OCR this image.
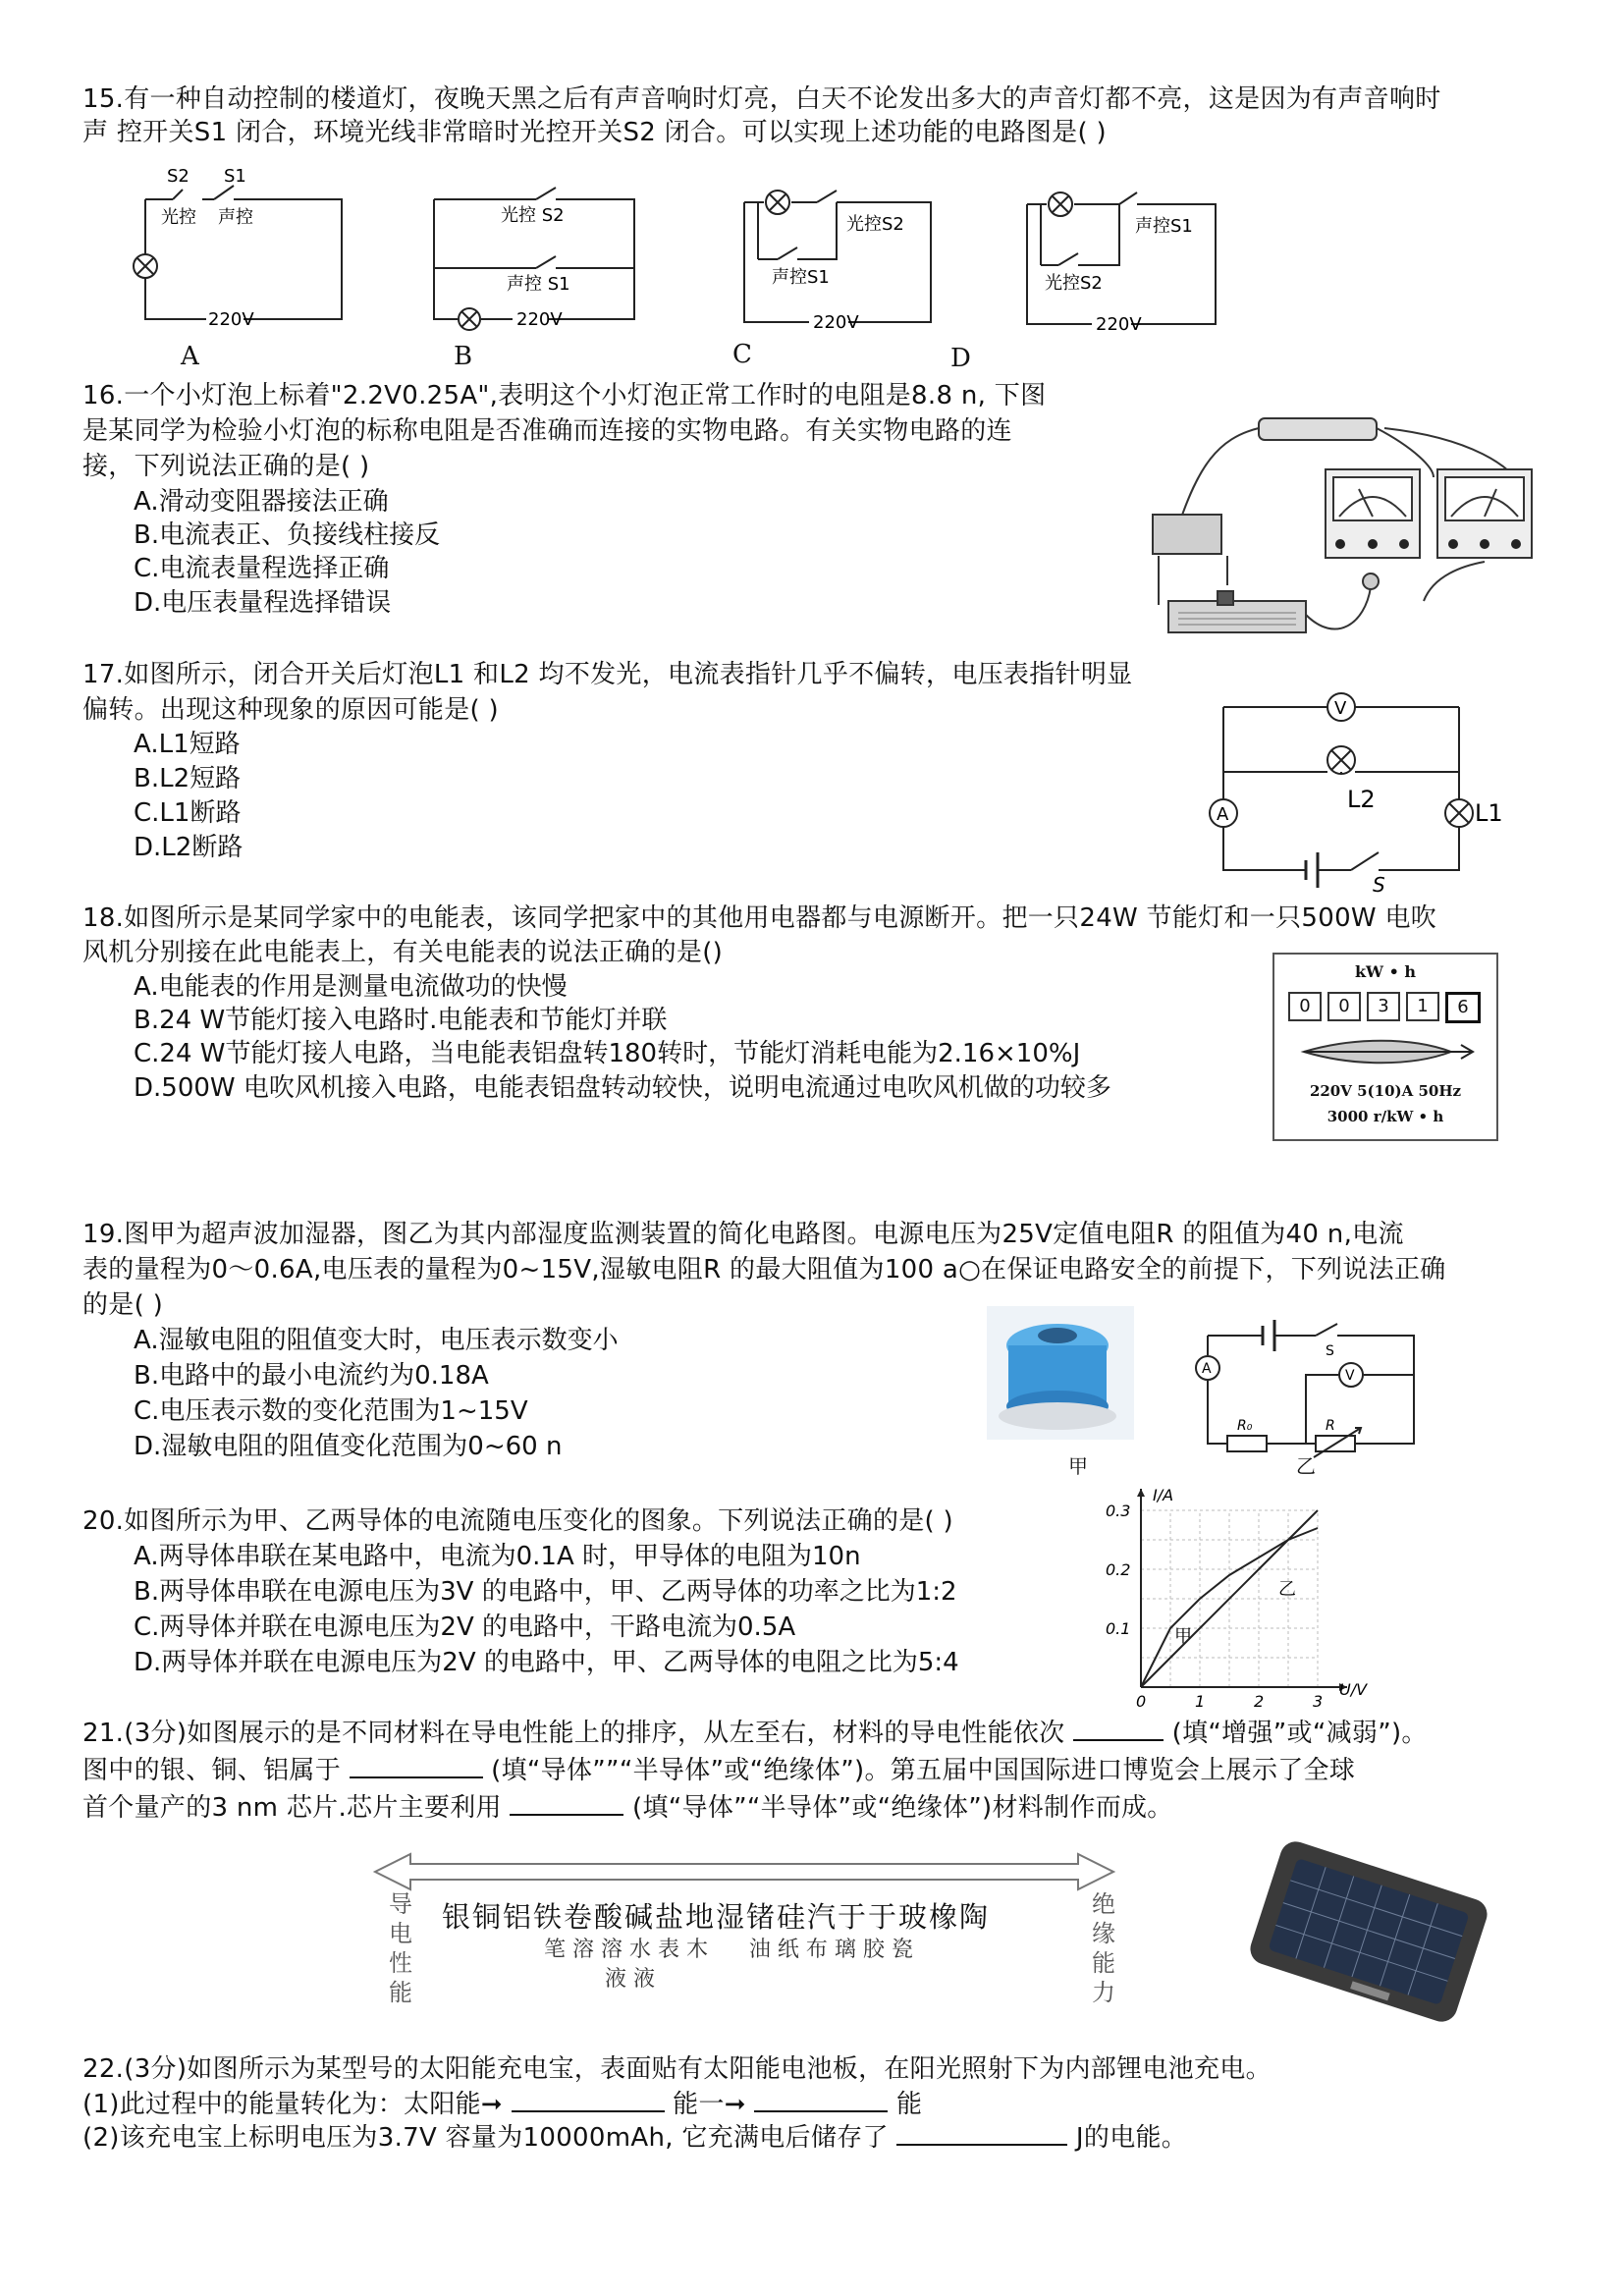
15.有一种自动控制的楼道灯，夜晚天黑之后有声音响时灯亮，白天不论发出多大的声音灯都不亮，这是因为有声音响时
声 控开关S1 闭合，环境光线非常暗时光控开关S2 闭合。可以实现上述功能的电路图是( )
S2 S1
光控 声控
220V
A
光控 S2
声控 S1
220V
B
光控S2
声控S1
220V
C
声控S1
光控S2
220V
D
16.一个小灯泡上标着"2.2V0.25A",表明这个小灯泡正常工作时的电阻是8.8 n, 下图
是某同学为检验小灯泡的标称电阻是否准确而连接的实物电路。有关实物电路的连
接，下列说法正确的是( )
A.滑动变阻器接法正确
B.电流表正、负接线柱接反
C.电流表量程选择正确
D.电压表量程选择错误
17.如图所示，闭合开关后灯泡L1 和L2 均不发光，电流表指针几乎不偏转，电压表指针明显
偏转。出现这种现象的原因可能是( )
A.L1短路
B.L2短路
C.L1断路
D.L2断路
V
A
L2	L1
S
18.如图所示是某同学家中的电能表，该同学把家中的其他用电器都与电源断开。把一只24W 节能灯和一只500W 电吹
风机分别接在此电能表上，有关电能表的说法正确的是()
A.电能表的作用是测量电流做功的快慢
B.24 W节能灯接入电路时.电能表和节能灯并联
C.24 W节能灯接人电路，当电能表铝盘转180转时，节能灯消耗电能为2.16×10%J
D.500W 电吹风机接入电路，电能表铝盘转动较快，说明电流通过电吹风机做的功较多
kW • h
0	0	3	1	6
220V 5(10)A 50Hz
3000 r/kW • h
19.图甲为超声波加湿器，图乙为其内部湿度监测装置的简化电路图。电源电压为25V定值电阻R 的阻值为40 n,电流
表的量程为0～0.6A,电压表的量程为0~15V,湿敏电阻R 的最大阻值为100 a○在保证电路安全的前提下，下列说法正确
的是( )
A.湿敏电阻的阻值变大时，电压表示数变小
B.电路中的最小电流约为0.18A
C.电压表示数的变化范围为1~15V
D.湿敏电阻的阻值变化范围为0~60 n
甲
S
A	V
R₀	R
乙
20.如图所示为甲、乙两导体的电流随电压变化的图象。下列说法正确的是( )
A.两导体串联在某电路中，电流为0.1A 时，甲导体的电阻为10n
B.两导体串联在电源电压为3V 的电路中，甲、乙两导体的功率之比为1:2
C.两导体并联在电源电压为2V 的电路中，干路电流为0.5A
D.两导体并联在电源电压为2V 的电路中，甲、乙两导体的电阻之比为5:4
0	1	2	3
0.1
0.2
0.3
U/V
I/A
甲
乙
21.(3分)如图展示的是不同材料在导电性能上的排序，从左至右，材料的导电性能依次	(填“增强”或“减弱”)。
图中的银、铜、铝属于	(填“导体””“半导体”或“绝缘体”)。第五届中国国际进口博览会上展示了全球
首个量产的3 nm 芯片.芯片主要利用	(填“导体”“半导体”或“绝缘体”)材料制作而成。
导
电
性
能
绝
缘
能
力
银铜铝铁卷酸碱盐地湿锗硅汽于于玻橡陶
笔 溶 溶 水 表 木      油 纸 布 璃 胶 瓷
液 液
22.(3分)如图所示为某型号的太阳能充电宝，表面贴有太阳能电池板，在阳光照射下为内部锂电池充电。
(1)此过程中的能量转化为：太阳能➞	能一➞	能
(2)该充电宝上标明电压为3.7V 容量为10000mAh, 它充满电后储存了	J的电能。
